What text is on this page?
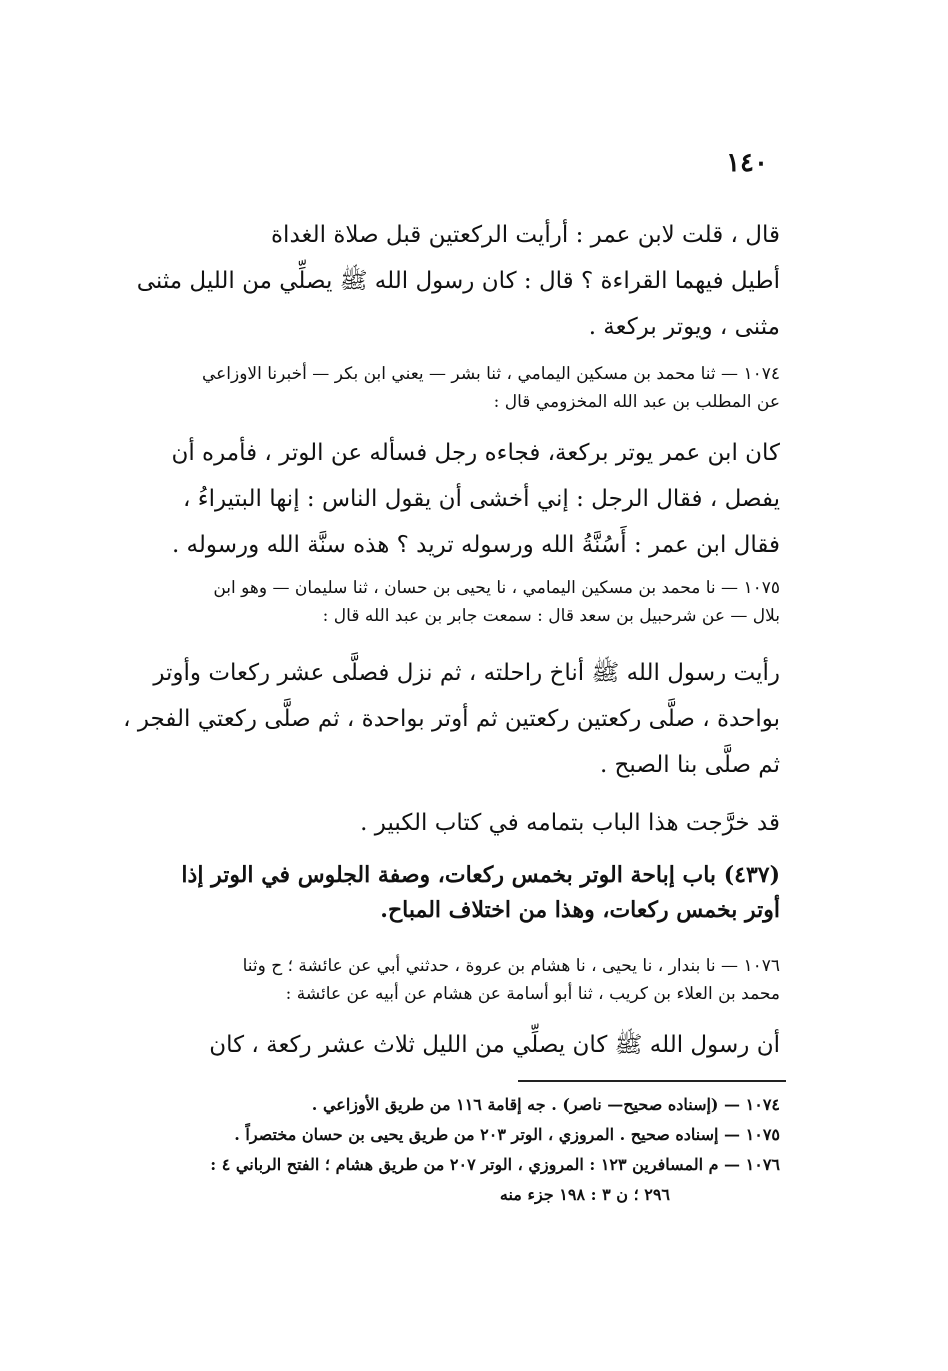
١٤٠
قال ، قلت لابن عمر : أرأيت الركعتين قبل صلاة الغداة
أطيل فيهما القراءة ؟ قال : كان رسول الله ﷺ يصلِّي من الليل مثنى
مثنى ، ويوتر بركعة .
١٠٧٤ — ثنا محمد بن مسكين اليمامي ، ثنا بشر — يعني ابن بكر — أخبرنا الاوزاعي
عن المطلب بن عبد الله المخزومي قال :
كان ابن عمر يوتر بركعة، فجاءه رجل فسأله عن الوتر ، فأمره أن
يفصل ، فقال الرجل : إني أخشى أن يقول الناس : إنها البتيراءُ ،
فقال ابن عمر : أَسُنَّةُ الله ورسوله تريد ؟ هذه سنَّة الله ورسوله .
١٠٧٥ — نا محمد بن مسكين اليمامي ، نا يحيى بن حسان ، ثنا سليمان — وهو ابن
بلال — عن شرحبيل بن سعد قال : سمعت جابر بن عبد الله قال :
رأيت رسول الله ﷺ أناخ راحلته ، ثم نزل فصلَّى عشر ركعات وأوتر
بواحدة ، صلَّى ركعتين ركعتين ثم أوتر بواحدة ، ثم صلَّى ركعتي الفجر ،
ثم صلَّى بنا الصبح .
قد خرَّجت هذا الباب بتمامه في كتاب الكبير .
(٤٣٧) باب إباحة الوتر بخمس ركعات، وصفة الجلوس في الوتر إذا
أوتر بخمس ركعات، وهذا من اختلاف المباح.
١٠٧٦ — نا بندار ، نا يحيى ، نا هشام بن عروة ، حدثني أبي عن عائشة ؛ ح وثنا
محمد بن العلاء بن كريب ، ثنا أبو أسامة عن هشام عن أبيه عن عائشة :
أن رسول الله ﷺ كان يصلِّي من الليل ثلاث عشر ركعة ، كان
١٠٧٤ — (إسناده صحيح— ناصر) . جه إقامة ١١٦ من طريق الأوزاعي .
١٠٧٥ — إسناده صحيح . المروزي ، الوتر ٢٠٣ من طريق يحيى بن حسان مختصراً .
١٠٧٦ — م المسافرين ١٢٣ : المروزي ، الوتر ٢٠٧ من طريق هشام ؛ الفتح الرباني ٤ :
٢٩٦ ؛ ن ٣ : ١٩٨ جزء منه
